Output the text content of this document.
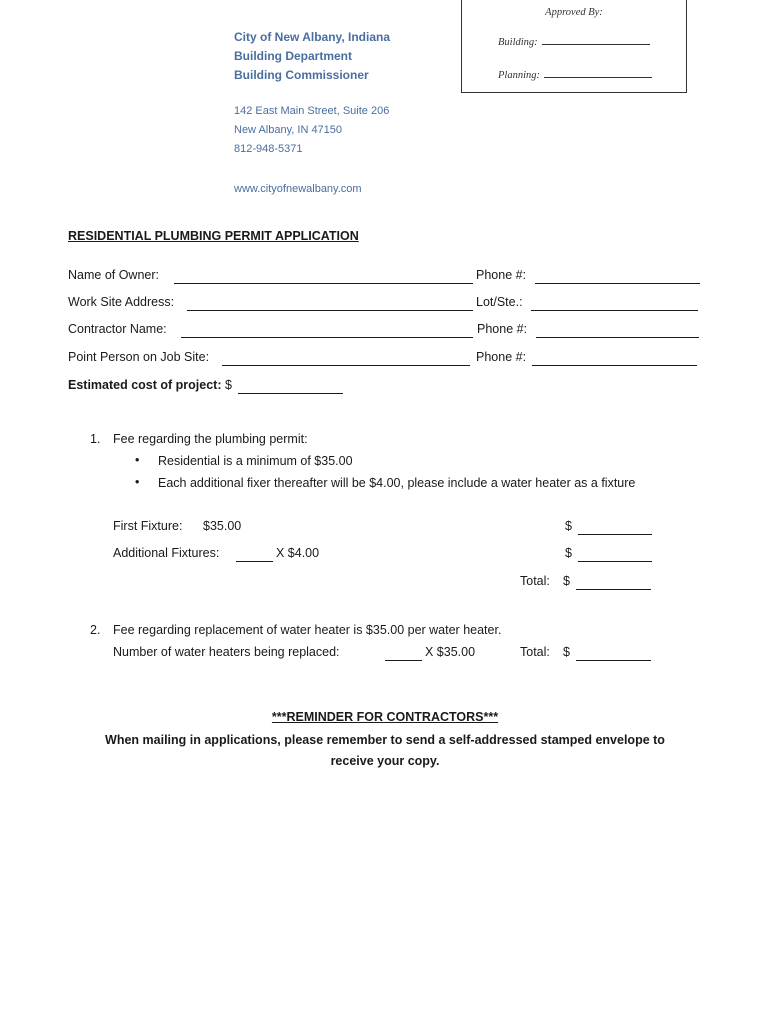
City of New Albany, Indiana
Building Department
Building Commissioner
142 East Main Street, Suite 206
New Albany, IN 47150
812-948-5371
www.cityofnewalbany.com
Approved By:
Building:
Planning:
RESIDENTIAL PLUMBING PERMIT APPLICATION
Name of Owner:	Phone #:
Work Site Address:	Lot/Ste.:
Contractor Name:	Phone #:
Point Person on Job Site:	Phone #:
Estimated cost of project: $
1. Fee regarding the plumbing permit:
• Residential is a minimum of $35.00
• Each additional fixer thereafter will be $4.00, please include a water heater as a fixture
First Fixture: $35.00	$
Additional Fixtures:	X $4.00	$
Total: $
2. Fee regarding replacement of water heater is $35.00 per water heater.
Number of water heaters being replaced:	X $35.00	Total: $
***REMINDER FOR CONTRACTORS***
When mailing in applications, please remember to send a self-addressed stamped envelope to
receive your copy.
